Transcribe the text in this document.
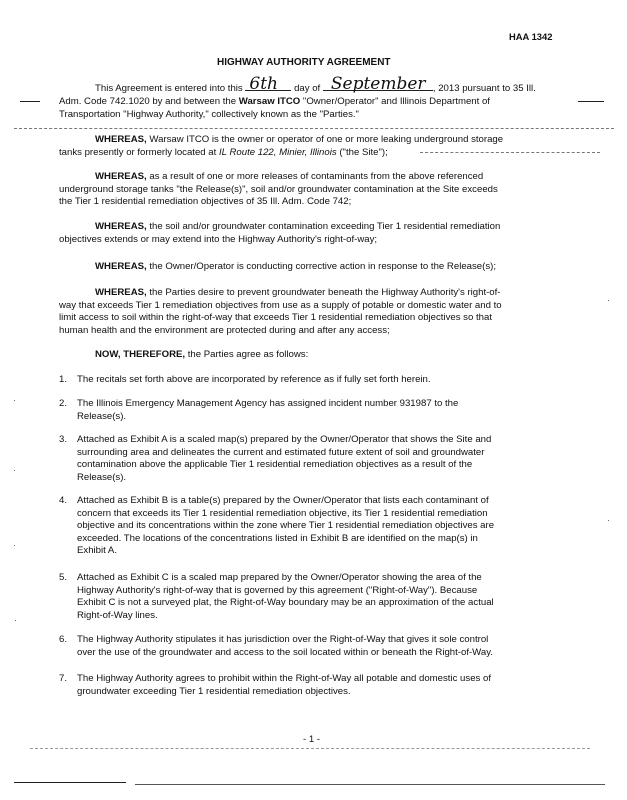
HAA 1342
HIGHWAY AUTHORITY AGREEMENT
This Agreement is entered into this 6th day of September , 2013 pursuant to 35 Ill.
Adm. Code 742.1020 by and between the Warsaw ITCO "Owner/Operator" and Illinois Department of
Transportation "Highway Authority," collectively known as the "Parties."
WHEREAS, Warsaw ITCO is the owner or operator of one or more leaking underground storage
tanks presently or formerly located at IL Route 122, Minier, Illinois ("the Site");
WHEREAS, as a result of one or more releases of contaminants from the above referenced
underground storage tanks "the Release(s)", soil and/or groundwater contamination at the Site exceeds
the Tier 1 residential remediation objectives of 35 Ill. Adm. Code 742;
WHEREAS, the soil and/or groundwater contamination exceeding Tier 1 residential remediation
objectives extends or may extend into the Highway Authority's right-of-way;
WHEREAS, the Owner/Operator is conducting corrective action in response to the Release(s);
WHEREAS, the Parties desire to prevent groundwater beneath the Highway Authority's right-of-
way that exceeds Tier 1 remediation objectives from use as a supply of potable or domestic water and to
limit access to soil within the right-of-way that exceeds Tier 1 residential remediation objectives so that
human health and the environment are protected during and after any access;
NOW, THEREFORE, the Parties agree as follows:
1. The recitals set forth above are incorporated by reference as if fully set forth herein.
2. The Illinois Emergency Management Agency has assigned incident number 931987 to the
Release(s).
3. Attached as Exhibit A is a scaled map(s) prepared by the Owner/Operator that shows the Site and
surrounding area and delineates the current and estimated future extent of soil and groundwater
contamination above the applicable Tier 1 residential remediation objectives as a result of the
Release(s).
4. Attached as Exhibit B is a table(s) prepared by the Owner/Operator that lists each contaminant of
concern that exceeds its Tier 1 residential remediation objective, its Tier 1 residential remediation
objective and its concentrations within the zone where Tier 1 residential remediation objectives are
exceeded. The locations of the concentrations listed in Exhibit B are identified on the map(s) in
Exhibit A.
5. Attached as Exhibit C is a scaled map prepared by the Owner/Operator showing the area of the
Highway Authority's right-of-way that is governed by this agreement ("Right-of-Way"). Because
Exhibit C is not a surveyed plat, the Right-of-Way boundary may be an approximation of the actual
Right-of-Way lines.
6. The Highway Authority stipulates it has jurisdiction over the Right-of-Way that gives it sole control
over the use of the groundwater and access to the soil located within or beneath the Right-of-Way.
7. The Highway Authority agrees to prohibit within the Right-of-Way all potable and domestic uses of
groundwater exceeding Tier 1 residential remediation objectives.
- 1 -
